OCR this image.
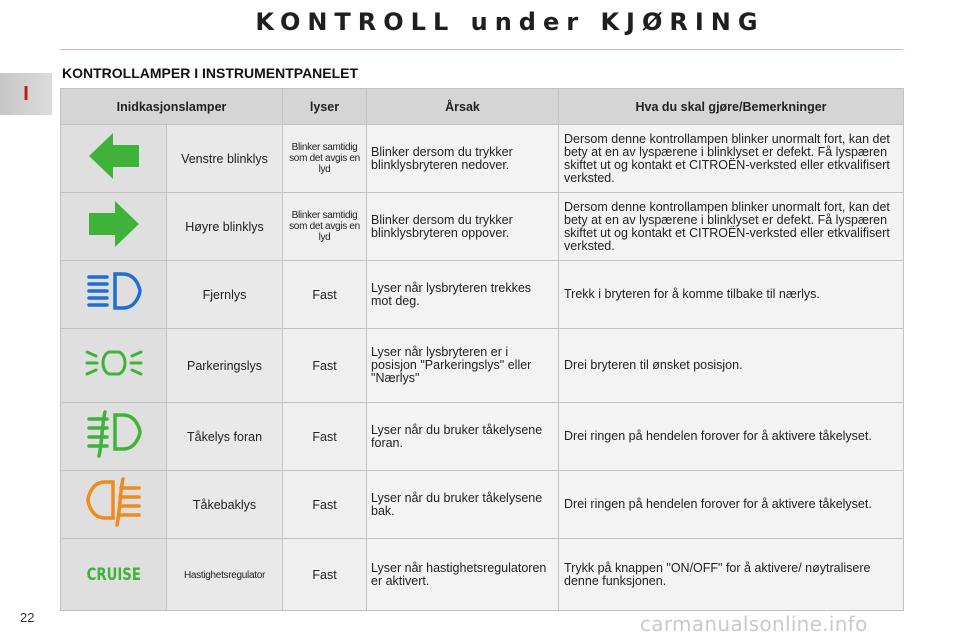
KONTROLL under KJØRING
I
KONTROLLAMPER I INSTRUMENTPANELET
Inidkasjonslamper		lyser	Årsak	Hva du skal gjøre/Bemerkninger
	Venstre blinklys	Blinker samtidig som det avgis en lyd	Blinker dersom du trykker blinklysbryteren nedover.	Dersom denne kontrollampen blinker unormalt fort, kan det bety at en av lyspærene i blinklyset er defekt. Få lyspæren skiftet ut og kontakt et CITROËN-verksted eller etkvalifisert verksted.
	Høyre blinklys	Blinker samtidig som det avgis en lyd	Blinker dersom du trykker blinklysbryteren oppover.	Dersom denne kontrollampen blinker unormalt fort, kan det bety at en av lyspærene i blinklyset er defekt. Få lyspæren skiftet ut og kontakt et CITROËN-verksted eller etkvalifisert verksted.
	Fjernlys	Fast	Lyser når lysbryteren trekkes mot deg.	Trekk i bryteren for å komme tilbake til nærlys.
	Parkeringslys	Fast	Lyser når lysbryteren er i posisjon "Parkeringslys" eller "Nærlys"	Drei bryteren til ønsket posisjon.
	Tåkelys foran	Fast	Lyser når du bruker tåkelysene foran.	Drei ringen på hendelen forover for å aktivere tåkelyset.
	Tåkebaklys	Fast	Lyser når du bruker tåkelysene bak.	Drei ringen på hendelen forover for å aktivere tåkelyset.
CRUISE	Hastighetsregulator	Fast	Lyser når hastighetsregulatoren er aktivert.	Trykk på knappen "ON/OFF" for å aktivere/ nøytralisere denne funksjonen.
22	carmanualsonline.info
